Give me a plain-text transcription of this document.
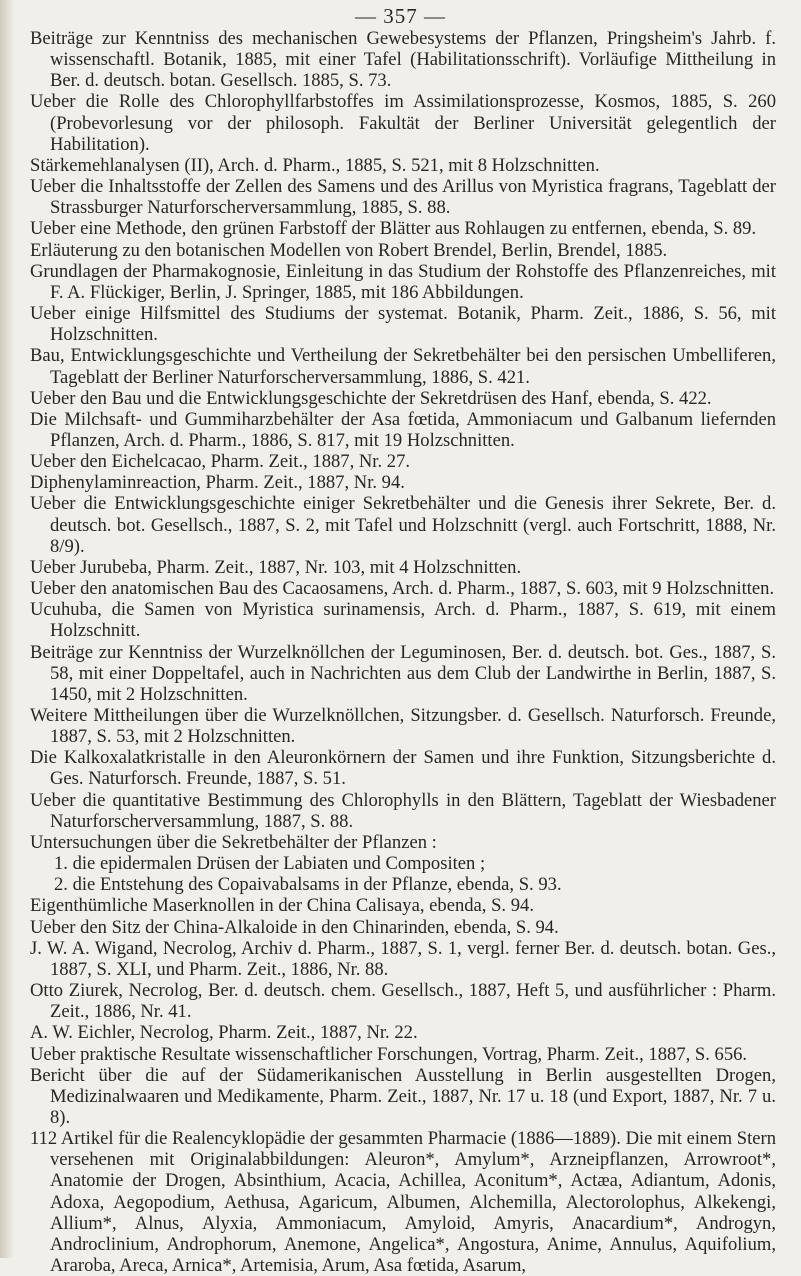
— 357 —
Beiträge zur Kenntniss des mechanischen Gewebesystems der Pflanzen, Pringsheim's Jahrb. f. wissenschaftl. Botanik, 1885, mit einer Tafel (Habilitationsschrift). Vorläufige Mittheilung in Ber. d. deutsch. botan. Gesellsch. 1885, S. 73.
Ueber die Rolle des Chlorophyllfarbstoffes im Assimilationsprozesse, Kosmos, 1885, S. 260 (Probevorlesung vor der philosoph. Fakultät der Berliner Universität gelegentlich der Habilitation).
Stärkemehlanalysen (II), Arch. d. Pharm., 1885, S. 521, mit 8 Holzschnitten.
Ueber die Inhaltsstoffe der Zellen des Samens und des Arillus von Myristica fragrans, Tageblatt der Strassburger Naturforscherversammlung, 1885, S. 88.
Ueber eine Methode, den grünen Farbstoff der Blätter aus Rohlaugen zu entfernen, ebenda, S. 89.
Erläuterung zu den botanischen Modellen von Robert Brendel, Berlin, Brendel, 1885.
Grundlagen der Pharmakognosie, Einleitung in das Studium der Rohstoffe des Pflanzenreiches, mit F. A. Flückiger, Berlin, J. Springer, 1885, mit 186 Abbildungen.
Ueber einige Hilfsmittel des Studiums der systemat. Botanik, Pharm. Zeit., 1886, S. 56, mit Holzschnitten.
Bau, Entwicklungsgeschichte und Vertheilung der Sekretbehälter bei den persischen Umbelliferen, Tageblatt der Berliner Naturforscherversammlung, 1886, S. 421.
Ueber den Bau und die Entwicklungsgeschichte der Sekretdrüsen des Hanf, ebenda, S. 422.
Die Milchsaft- und Gummiharzbehälter der Asa fœtida, Ammoniacum und Galbanum liefernden Pflanzen, Arch. d. Pharm., 1886, S. 817, mit 19 Holzschnitten.
Ueber den Eichelcacao, Pharm. Zeit., 1887, Nr. 27.
Diphenylaminreaction, Pharm. Zeit., 1887, Nr. 94.
Ueber die Entwicklungsgeschichte einiger Sekretbehälter und die Genesis ihrer Sekrete, Ber. d. deutsch. bot. Gesellsch., 1887, S. 2, mit Tafel und Holzschnitt (vergl. auch Fortschritt, 1888, Nr. 8/9).
Ueber Jurubeba, Pharm. Zeit., 1887, Nr. 103, mit 4 Holzschnitten.
Ueber den anatomischen Bau des Cacaosamens, Arch. d. Pharm., 1887, S. 603, mit 9 Holzschnitten.
Ucuhuba, die Samen von Myristica surinamensis, Arch. d. Pharm., 1887, S. 619, mit einem Holzschnitt.
Beiträge zur Kenntniss der Wurzelknöllchen der Leguminosen, Ber. d. deutsch. bot. Ges., 1887, S. 58, mit einer Doppeltafel, auch in Nachrichten aus dem Club der Landwirthe in Berlin, 1887, S. 1450, mit 2 Holzschnitten.
Weitere Mittheilungen über die Wurzelknöllchen, Sitzungsber. d. Gesellsch. Naturforsch. Freunde, 1887, S. 53, mit 2 Holzschnitten.
Die Kalkoxalatkristalle in den Aleuronkörnern der Samen und ihre Funktion, Sitzungsberichte d. Ges. Naturforsch. Freunde, 1887, S. 51.
Ueber die quantitative Bestimmung des Chlorophylls in den Blättern, Tageblatt der Wiesbadener Naturforscherversammlung, 1887, S. 88.
Untersuchungen über die Sekretbehälter der Pflanzen :
1. die epidermalen Drüsen der Labiaten und Compositen ;
2. die Entstehung des Copaivabalsams in der Pflanze, ebenda, S. 93.
Eigenthümliche Maserknollen in der China Calisaya, ebenda, S. 94.
Ueber den Sitz der China-Alkaloide in den Chinarinden, ebenda, S. 94.
J. W. A. Wigand, Necrolog, Archiv d. Pharm., 1887, S. 1, vergl. ferner Ber. d. deutsch. botan. Ges., 1887, S. XLI, und Pharm. Zeit., 1886, Nr. 88.
Otto Ziurek, Necrolog, Ber. d. deutsch. chem. Gesellsch., 1887, Heft 5, und ausführlicher : Pharm. Zeit., 1886, Nr. 41.
A. W. Eichler, Necrolog, Pharm. Zeit., 1887, Nr. 22.
Ueber praktische Resultate wissenschaftlicher Forschungen, Vortrag, Pharm. Zeit., 1887, S. 656.
Bericht über die auf der Südamerikanischen Ausstellung in Berlin ausgestellten Drogen, Medizinalwaaren und Medikamente, Pharm. Zeit., 1887, Nr. 17 u. 18 (und Export, 1887, Nr. 7 u. 8).
112 Artikel für die Realencyklopädie der gesammten Pharmacie (1886—1889). Die mit einem Stern versehenen mit Originalabbildungen: Aleuron*, Amylum*, Arzneipflanzen, Arrowroot*, Anatomie der Drogen, Absinthium, Acacia, Achillea, Aconitum*, Actæa, Adiantum, Adonis, Adoxa, Aegopodium, Aethusa, Agaricum, Albumen, Alchemilla, Alectorolophus, Alkekengi, Allium*, Alnus, Alyxia, Ammoniacum, Amyloid, Amyris, Anacardium*, Androgyn, Androclinium, Androphorum, Anemone, Angelica*, Angostura, Anime, Annulus, Aquifolium, Araroba, Areca, Arnica*, Artemisia, Arum, Asa fœtida, Asarum,
